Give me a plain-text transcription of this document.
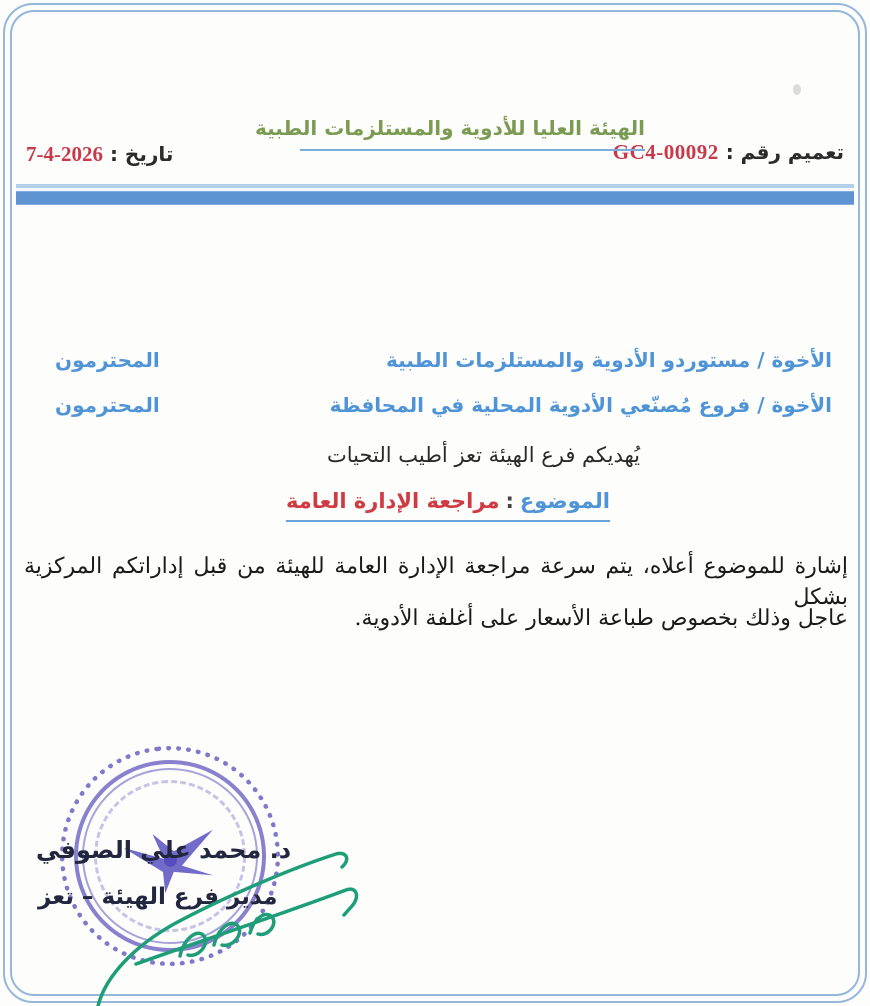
تعميم رقم : GC4-00092
الهيئة العليا للأدوية والمستلزمات الطبية
تاريخ : 2026-4-7
الأخوة / مستوردو الأدوية والمستلزمات الطبية
المحترمون
الأخوة / فروع مُصنّعي الأدوية المحلية في المحافظة
المحترمون
يُهديكم فرع الهيئة تعز أطيب التحيات
الموضوع:مراجعة الإدارة العامة
إشارة للموضوع أعلاه، يتم سرعة مراجعة الإدارة العامة للهيئة من قبل إداراتكم المركزية بشكل
عاجل وذلك بخصوص طباعة الأسعار على أغلفة الأدوية.
د. محمد علي الصوفي
مدير فرع الهيئة – تعز
